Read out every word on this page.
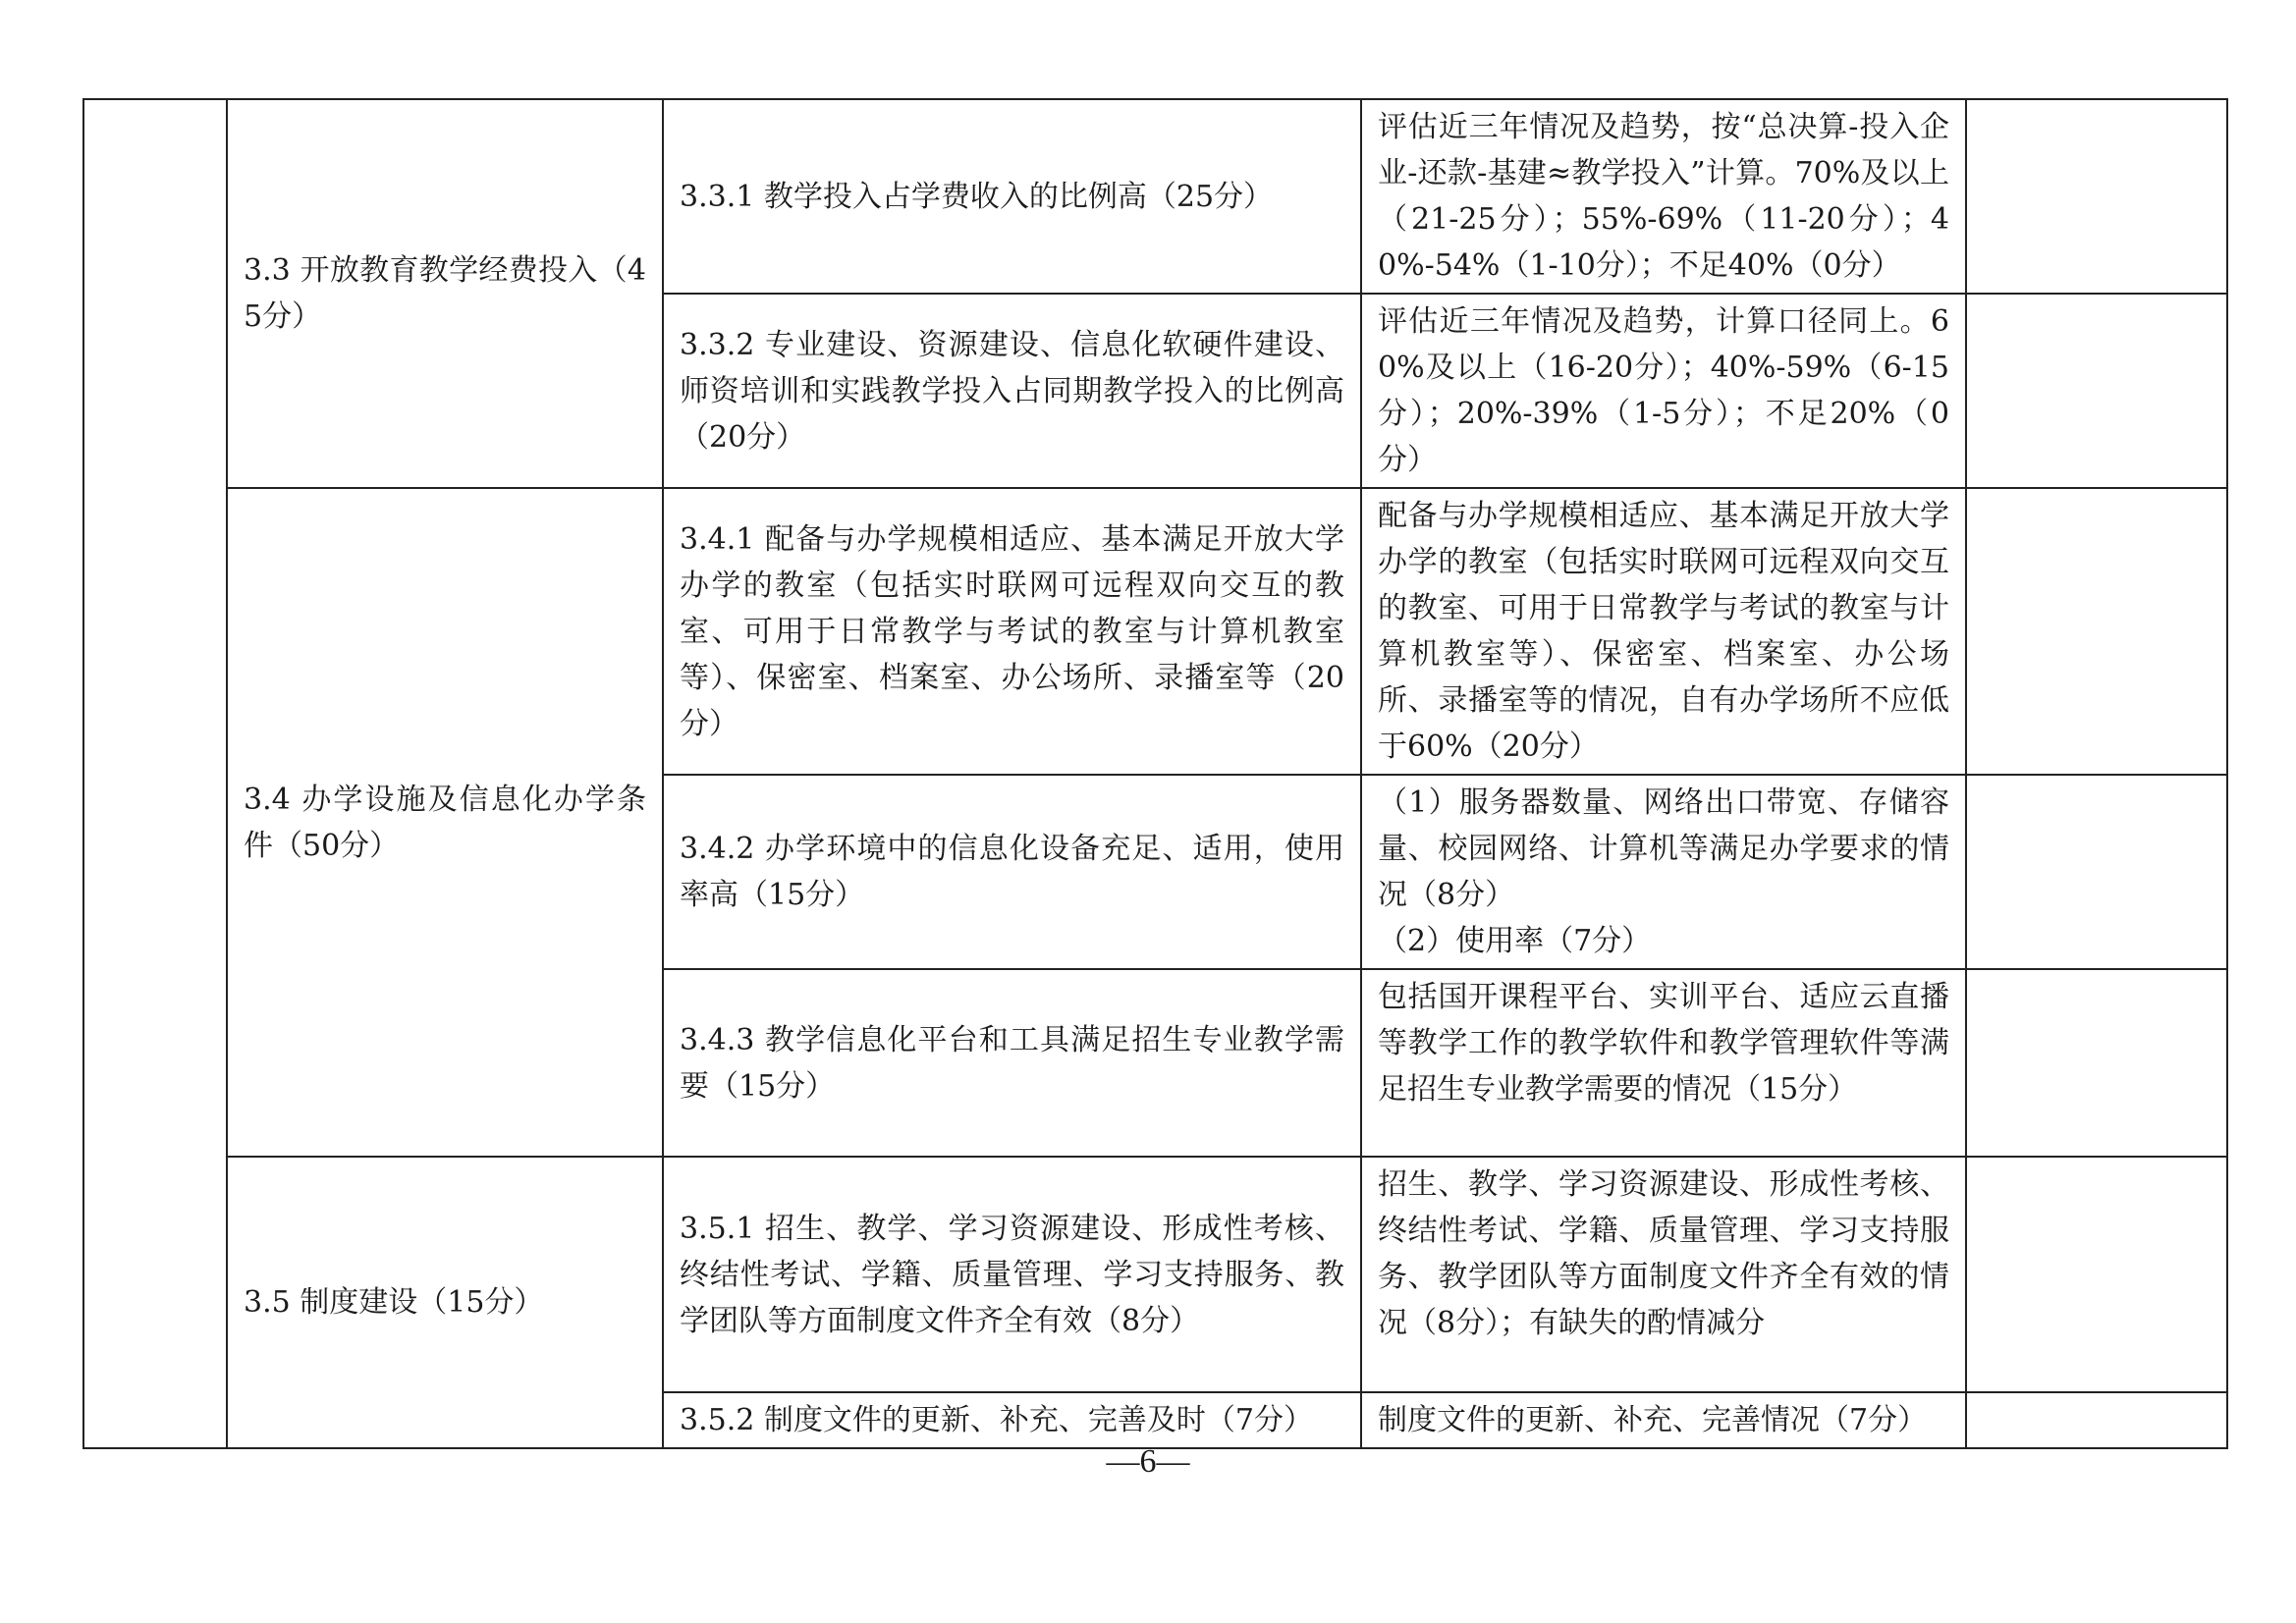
	3.3 开放教育教学经费投入（45分）	3.3.1 教学投入占学费收入的比例高（25分）	评估近三年情况及趋势，按“总决算-投入企业-还款-基建≈教学投入”计算。70%及以上（21-25分）；55%-69%（11-20分）；40%-54%（1-10分）；不足40%（0分）	
		3.3.2 专业建设、资源建设、信息化软硬件建设、师资培训和实践教学投入占同期教学投入的比例高（20分）	评估近三年情况及趋势，计算口径同上。60%及以上（16-20分）；40%-59%（6-15分）；20%-39%（1-5分）；不足20%（0分）	
	3.4 办学设施及信息化办学条件（50分）	3.4.1 配备与办学规模相适应、基本满足开放大学办学的教室（包括实时联网可远程双向交互的教室、可用于日常教学与考试的教室与计算机教室等）、保密室、档案室、办公场所、录播室等（20分）	配备与办学规模相适应、基本满足开放大学办学的教室（包括实时联网可远程双向交互的教室、可用于日常教学与考试的教室与计算机教室等）、保密室、档案室、办公场所、录播室等的情况，自有办学场所不应低于60%（20分）	
		3.4.2 办学环境中的信息化设备充足、适用，使用率高（15分）	（1）服务器数量、网络出口带宽、存储容量、校园网络、计算机等满足办学要求的情况（8分）
（2）使用率（7分）	

		3.4.3 教学信息化平台和工具满足招生专业教学需要（15分）	包括国开课程平台、实训平台、适应云直播等教学工作的教学软件和教学管理软件等满足招生专业教学需要的情况（15分）	
	3.5 制度建设（15分）	3.5.1 招生、教学、学习资源建设、形成性考核、终结性考试、学籍、质量管理、学习支持服务、教学团队等方面制度文件齐全有效（8分）	招生、教学、学习资源建设、形成性考核、终结性考试、学籍、质量管理、学习支持服务、教学团队等方面制度文件齐全有效的情况（8分）；有缺失的酌情减分	
		3.5.2 制度文件的更新、补充、完善及时（7分）	制度文件的更新、补充、完善情况（7分）	
—6—
